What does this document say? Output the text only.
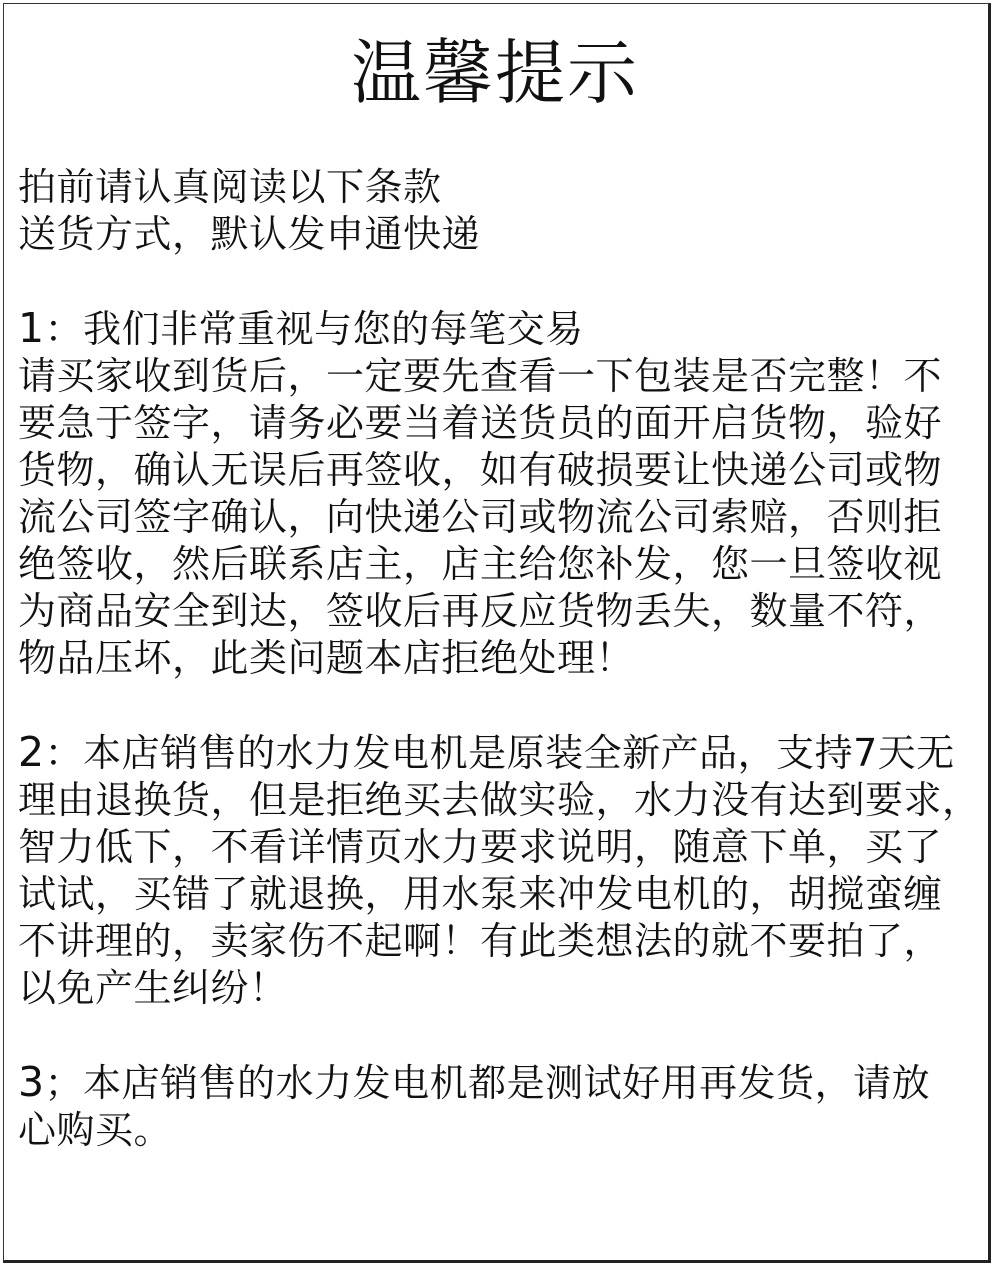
温馨提示
拍前请认真阅读以下条款
送货方式，默认发申通快递
1：我们非常重视与您的每笔交易
请买家收到货后，一定要先查看一下包装是否完整！不
要急于签字，请务必要当着送货员的面开启货物，验好
货物，确认无误后再签收，如有破损要让快递公司或物
流公司签字确认，向快递公司或物流公司索赔，否则拒
绝签收，然后联系店主，店主给您补发，您一旦签收视
为商品安全到达，签收后再反应货物丢失，数量不符，
物品压坏，此类问题本店拒绝处理！
2：本店销售的水力发电机是原装全新产品，支持7天无
理由退换货，但是拒绝买去做实验，水力没有达到要求，
智力低下，不看详情页水力要求说明，随意下单，买了
试试，买错了就退换，用水泵来冲发电机的，胡搅蛮缠
不讲理的，卖家伤不起啊！有此类想法的就不要拍了，
以免产生纠纷！
3；本店销售的水力发电机都是测试好用再发货，请放
心购买。
